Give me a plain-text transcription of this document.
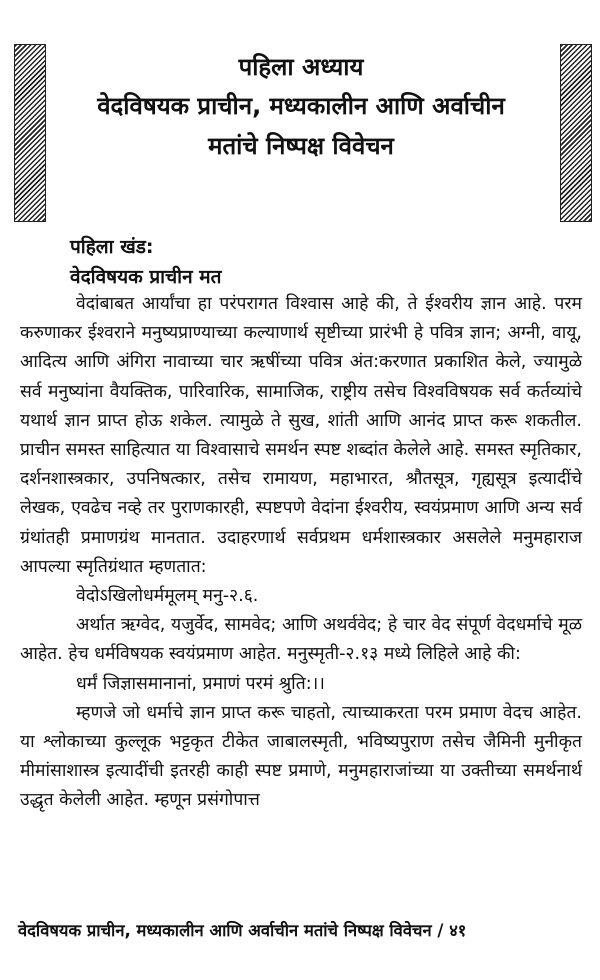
पहिला अध्याय
वेदविषयक प्राचीन, मध्यकालीन आणि अर्वाचीन
मतांचे निष्पक्ष विवेचन
पहिला खंड:
वेदविषयक प्राचीन मत

वेदांबाबत आर्यांचा हा परंपरागत विश्वास आहे की, ते ईश्वरीय ज्ञान आहे. परम करुणाकर ईश्वराने मनुष्यप्राण्याच्या कल्याणार्थ सृष्टीच्या प्रारंभी हे पवित्र ज्ञान; अग्नी, वायू, आदित्य आणि अंगिरा नावाच्या चार ऋषींच्या पवित्र अंत:करणात प्रकाशित केले, ज्यामुळे सर्व मनुष्यांना वैयक्तिक, पारिवारिक, सामाजिक, राष्ट्रीय तसेच विश्वविषयक सर्व कर्तव्यांचे यथार्थ ज्ञान प्राप्त होऊ शकेल. त्यामुळे ते सुख, शांती आणि आनंद प्राप्त करू शकतील. प्राचीन समस्त साहित्यात या विश्वासाचे समर्थन स्पष्ट शब्दांत केलेले आहे. समस्त स्मृतिकार, दर्शनशास्त्रकार, उपनिषत्कार, तसेच रामायण, महाभारत, श्रौतसूत्र, गृह्यसूत्र इत्यादींचे लेखक, एवढेच नव्हे तर पुराणकारही, स्पष्टपणे वेदांना ईश्वरीय, स्वयंप्रमाण आणि अन्य सर्व ग्रंथांतही प्रमाणग्रंथ मानतात. उदाहरणार्थ सर्वप्रथम धर्मशास्त्रकार असलेले मनुमहाराज आपल्या स्मृतिग्रंथात म्हणतात:

वेदोऽखिलोधर्ममूलम् मनु-२.६.

अर्थात ऋग्वेद, यजुर्वेद, सामवेद; आणि अथर्ववेद; हे चार वेद संपूर्ण वेदधर्माचे मूळ आहेत. हेच धर्मविषयक स्वयंप्रमाण आहेत. मनुस्मृती-२.१३ मध्ये लिहिले आहे की:

धर्मं जिज्ञासमानानां, प्रमाणं परमं श्रुति:।।

म्हणजे जो धर्माचे ज्ञान प्राप्त करू चाहतो, त्याच्याकरता परम प्रमाण वेदच आहेत. या श्लोकाच्या कुल्लूक भट्टकृत टीकेत जाबालस्मृती, भविष्यपुराण तसेच जैमिनी मुनीकृत मीमांसाशास्त्र इत्यादींची इतरही काही स्पष्ट प्रमाणे, मनुमहाराजांच्या या उक्तीच्या समर्थनार्थ उद्धृत केलेली आहेत. म्हणून प्रसंगोपात्त

वेदविषयक प्राचीन, मध्यकालीन आणि अर्वाचीन मतांचे निष्पक्ष विवेचन / ४१
